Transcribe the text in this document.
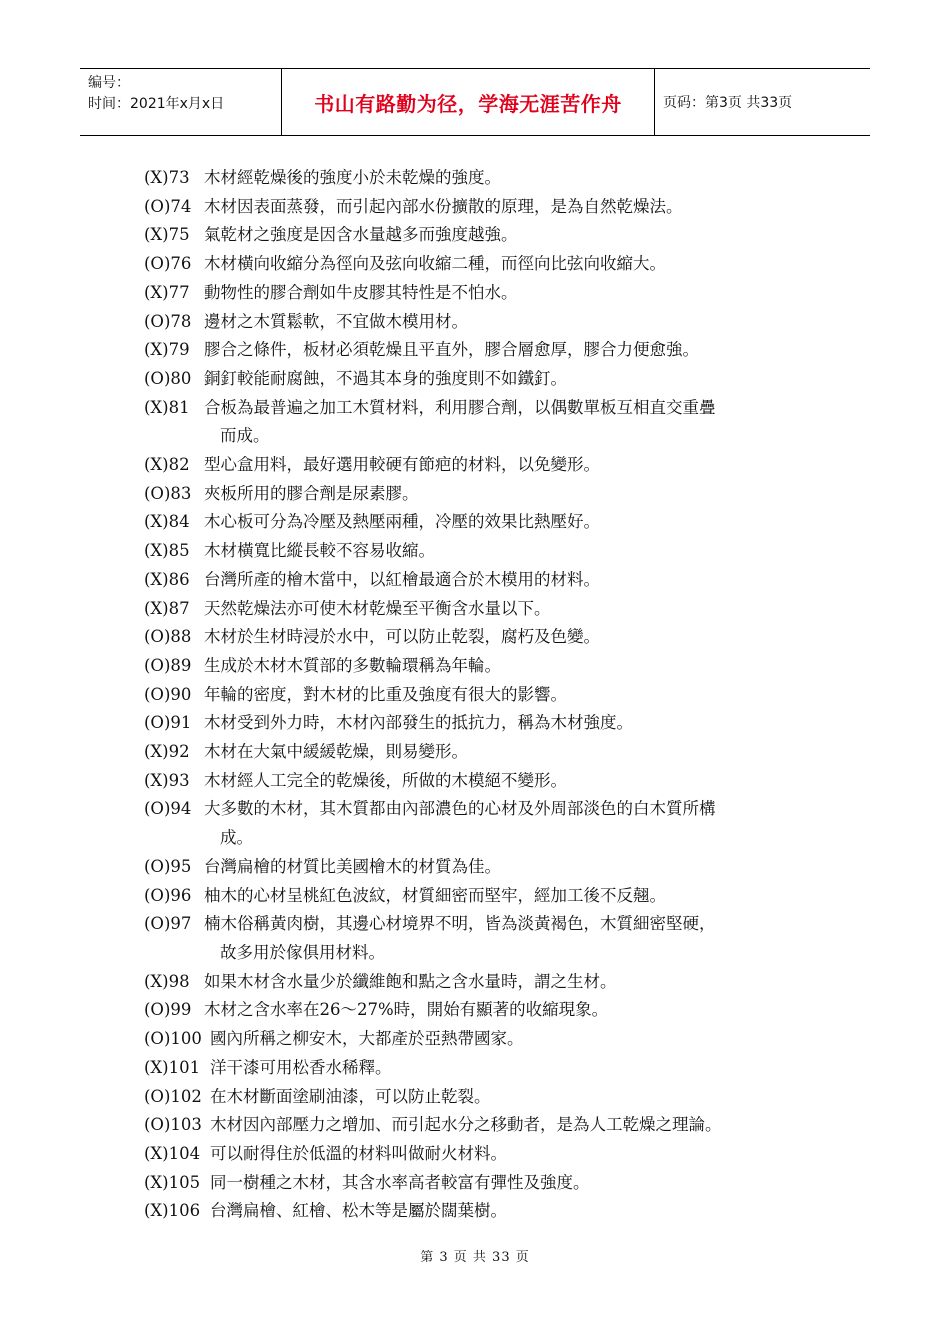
编号：
时间：2021年x月x日	书山有路勤为径，学海无涯苦作舟	页码：第3页 共33页
(X)73 木材經乾燥後的強度小於未乾燥的強度。
(O)74 木材因表面蒸發，而引起內部水份擴散的原理，是為自然乾燥法。
(X)75 氣乾材之強度是因含水量越多而強度越強。
(O)76 木材橫向收縮分為徑向及弦向收縮二種，而徑向比弦向收縮大。
(X)77 動物性的膠合劑如牛皮膠其特性是不怕水。
(O)78 邊材之木質鬆軟，不宜做木模用材。
(X)79 膠合之條件，板材必須乾燥且平直外，膠合層愈厚，膠合力便愈強。
(O)80 銅釘較能耐腐蝕，不過其本身的強度則不如鐵釘。
(X)81 合板為最普遍之加工木質材料，利用膠合劑，以偶數單板互相直交重疊
而成。
(X)82 型心盒用料，最好選用較硬有節疤的材料，以免變形。
(O)83 夾板所用的膠合劑是尿素膠。
(X)84 木心板可分為冷壓及熱壓兩種，冷壓的效果比熱壓好。
(X)85 木材橫寬比縱長較不容易收縮。
(X)86 台灣所產的檜木當中，以紅檜最適合於木模用的材料。
(X)87 天然乾燥法亦可使木材乾燥至平衡含水量以下。
(O)88 木材於生材時浸於水中，可以防止乾裂，腐朽及色變。
(O)89 生成於木材木質部的多數輪環稱為年輪。
(O)90 年輪的密度，對木材的比重及強度有很大的影響。
(O)91 木材受到外力時，木材內部發生的抵抗力，稱為木材強度。
(X)92 木材在大氣中緩緩乾燥，則易變形。
(X)93 木材經人工完全的乾燥後，所做的木模絕不變形。
(O)94 大多數的木材，其木質都由內部濃色的心材及外周部淡色的白木質所構
成。
(O)95 台灣扁檜的材質比美國檜木的材質為佳。
(O)96 柚木的心材呈桃紅色波紋，材質細密而堅牢，經加工後不反翹。
(O)97 楠木俗稱黃肉樹，其邊心材境界不明，皆為淡黃褐色，木質細密堅硬，
故多用於傢俱用材料。
(X)98 如果木材含水量少於纖維飽和點之含水量時，謂之生材。
(O)99 木材之含水率在26～27%時，開始有顯著的收縮現象。
(O)100 國內所稱之柳安木，大都產於亞熱帶國家。
(X)101 洋干漆可用松香水稀釋。
(O)102 在木材斷面塗刷油漆，可以防止乾裂。
(O)103 木材因內部壓力之增加、而引起水分之移動者，是為人工乾燥之理論。
(X)104 可以耐得住於低溫的材料叫做耐火材料。
(X)105 同一樹種之木材，其含水率高者較富有彈性及強度。
(X)106 台灣扁檜、紅檜、松木等是屬於闊葉樹。
第 3 页 共 33 页
